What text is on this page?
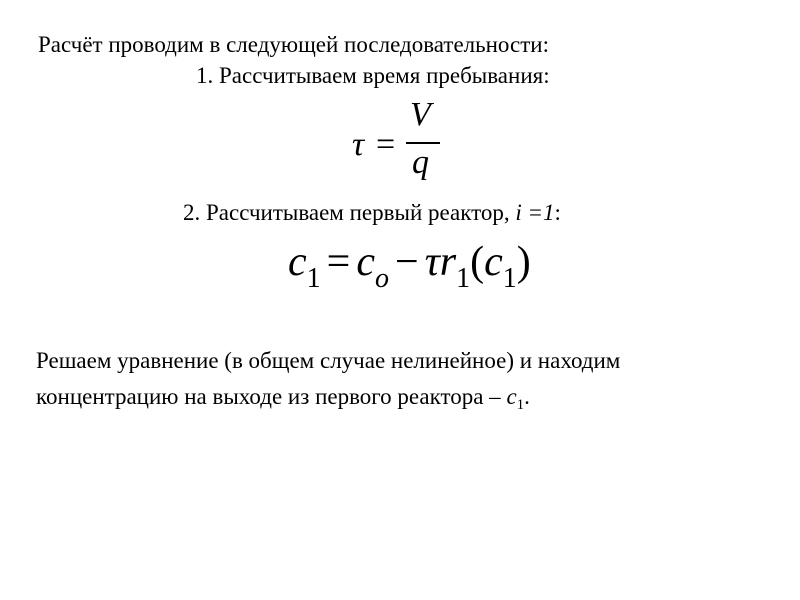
Расчёт проводим в следующей последовательности:
1. Рассчитываем время пребывания:
τ =
V
q
2. Рассчитываем первый реактор, i =1:
$c_1 = c_o - \tau r_1(c_1)$
Решаем уравнение (в общем случае нелинейное) и находим
концентрацию на выходе из первого реактора – $c_1$.
